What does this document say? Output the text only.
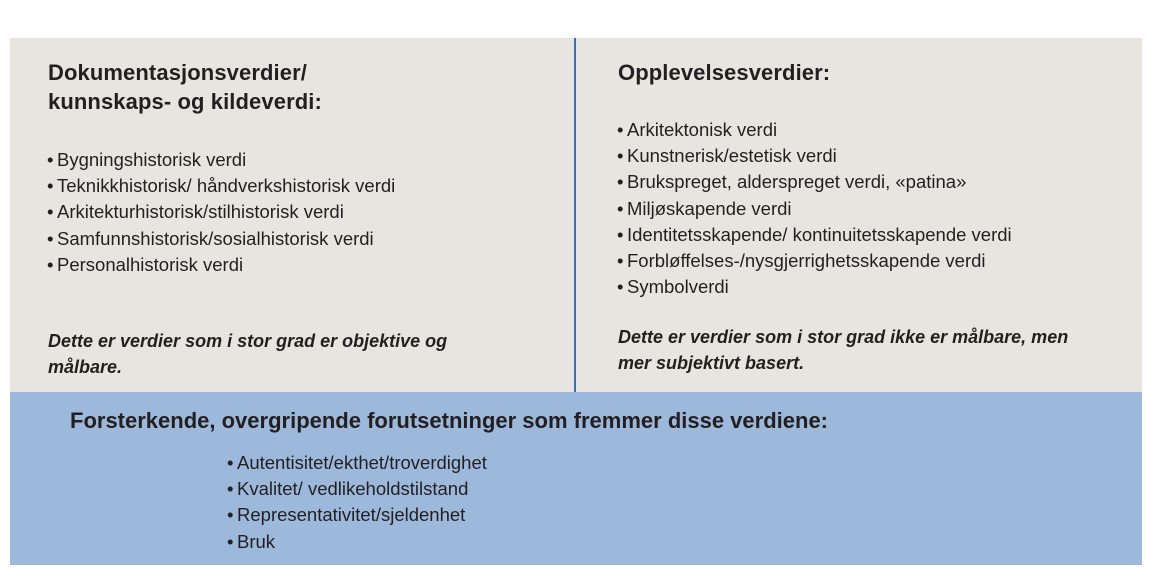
Dokumentasjonsverdier/
kunnskaps- og kildeverdi:
• Bygningshistorisk verdi
• Teknikkhistorisk/ håndverkshistorisk verdi
• Arkitekturhistorisk/stilhistorisk verdi
• Samfunnshistorisk/sosialhistorisk verdi
• Personalhistorisk verdi

Dette er verdier som i stor grad er objektive og
målbare.

Opplevelsesverdier:
• Arkitektonisk verdi
• Kunstnerisk/estetisk verdi
• Brukspreget, alderspreget verdi, «patina»
• Miljøskapende verdi
• Identitetsskapende/ kontinuitetsskapende verdi
• Forbløffelses-/nysgjerrighetsskapende verdi
• Symbolverdi

Dette er verdier som i stor grad ikke er målbare, men
mer subjektivt basert.

Forsterkende, overgripende forutsetninger som fremmer disse verdiene:
• Autentisitet/ekthet/troverdighet
• Kvalitet/ vedlikeholdstilstand
• Representativitet/sjeldenhet
• Bruk
